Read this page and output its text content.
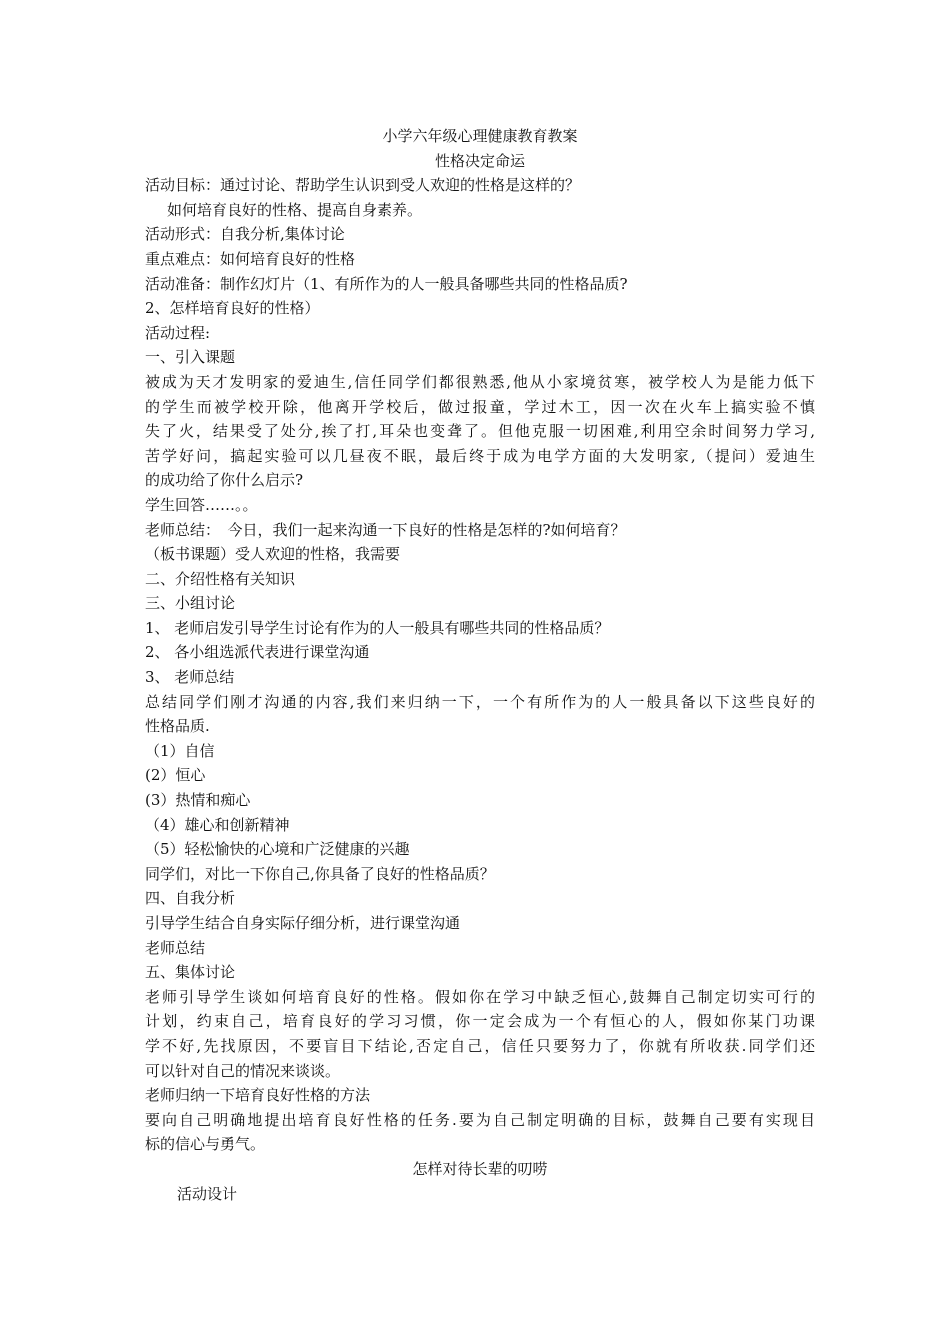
小学六年级心理健康教育教案
性格决定命运
活动目标：通过讨论、帮助学生认识到受人欢迎的性格是这样的？
如何培育良好的性格、提高自身素养。
活动形式：自我分析,集体讨论
重点难点：如何培育良好的性格
活动准备：制作幻灯片（1、有所作为的人一般具备哪些共同的性格品质?
2、怎样培育良好的性格）
活动过程:
一、引入课题
被成为天才发明家的爱迪生,信任同学们都很熟悉,他从小家境贫寒，被学校人为是能力低下
的学生而被学校开除，他离开学校后，做过报童，学过木工，因一次在火车上搞实验不慎
失了火，结果受了处分,挨了打,耳朵也变聋了。但他克服一切困难,利用空余时间努力学习,
苦学好问，搞起实验可以几昼夜不眠，最后终于成为电学方面的大发明家,（提问）爱迪生
的成功给了你什么启示?
学生回答……。。
老师总结：　今日，我们一起来沟通一下良好的性格是怎样的?如何培育？
（板书课题）受人欢迎的性格，我需要
二、介绍性格有关知识
三、小组讨论
1、 老师启发引导学生讨论有作为的人一般具有哪些共同的性格品质？
2、 各小组选派代表进行课堂沟通
3、 老师总结
总结同学们刚才沟通的内容,我们来归纳一下，一个有所作为的人一般具备以下这些良好的
性格品质.
（1）自信
(2）恒心
(3）热情和痴心
（4）雄心和创新精神
（5）轻松愉快的心境和广泛健康的兴趣
同学们，对比一下你自己,你具备了良好的性格品质？
四、自我分析
引导学生结合自身实际仔细分析，进行课堂沟通
老师总结
五、集体讨论
老师引导学生谈如何培育良好的性格。假如你在学习中缺乏恒心,鼓舞自己制定切实可行的
计划，约束自己，培育良好的学习习惯，你一定会成为一个有恒心的人，假如你某门功课
学不好,先找原因，不要盲目下结论,否定自己，信任只要努力了，你就有所收获.同学们还
可以针对自己的情况来谈谈。
老师归纳一下培育良好性格的方法
要向自己明确地提出培育良好性格的任务.要为自己制定明确的目标，鼓舞自己要有实现目
标的信心与勇气。
怎样对待长辈的叨唠
活动设计
